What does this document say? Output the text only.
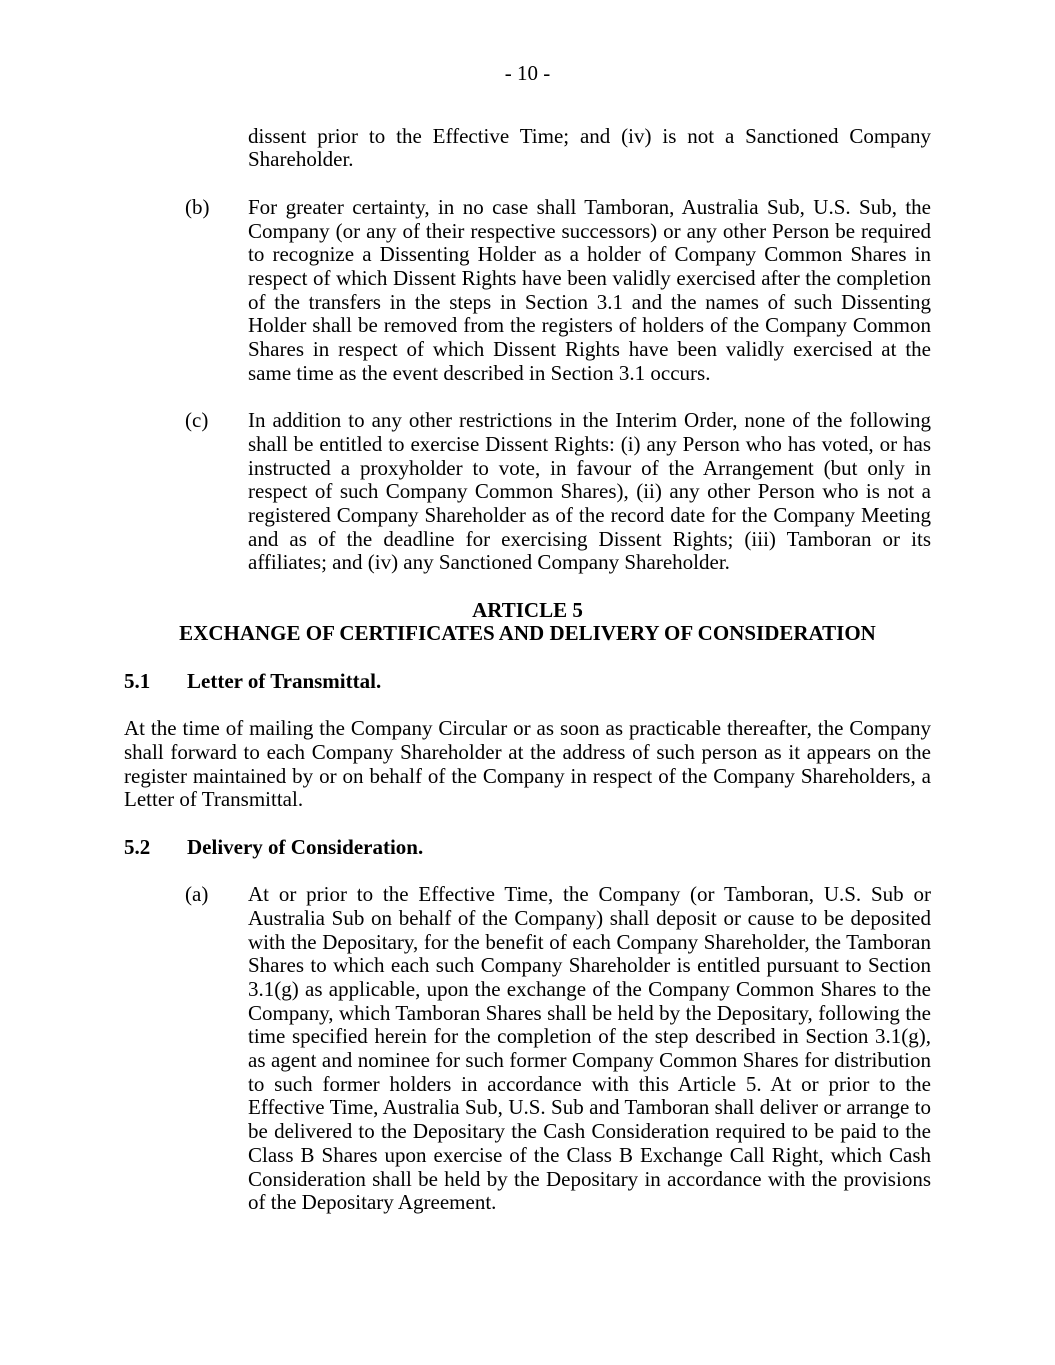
- 10 -

dissent prior to the Effective Time; and (iv) is not a Sanctioned Company Shareholder.

(b) For greater certainty, in no case shall Tamboran, Australia Sub, U.S. Sub, the Company (or any of their respective successors) or any other Person be required to recognize a Dissenting Holder as a holder of Company Common Shares in respect of which Dissent Rights have been validly exercised after the completion of the transfers in the steps in Section 3.1 and the names of such Dissenting Holder shall be removed from the registers of holders of the Company Common Shares in respect of which Dissent Rights have been validly exercised at the same time as the event described in Section 3.1 occurs.
(c) In addition to any other restrictions in the Interim Order, none of the following shall be entitled to exercise Dissent Rights: (i) any Person who has voted, or has instructed a proxyholder to vote, in favour of the Arrangement (but only in respect of such Company Common Shares), (ii) any other Person who is not a registered Company Shareholder as of the record date for the Company Meeting and as of the deadline for exercising Dissent Rights; (iii) Tamboran or its affiliates; and (iv) any Sanctioned Company Shareholder.
ARTICLE 5
EXCHANGE OF CERTIFICATES AND DELIVERY OF CONSIDERATION
5.1 Letter of Transmittal.

At the time of mailing the Company Circular or as soon as practicable thereafter, the Company shall forward to each Company Shareholder at the address of such person as it appears on the register maintained by or on behalf of the Company in respect of the Company Shareholders, a Letter of Transmittal.

5.2 Delivery of Consideration.
(a) At or prior to the Effective Time, the Company (or Tamboran, U.S. Sub or Australia Sub on behalf of the Company) shall deposit or cause to be deposited with the Depositary, for the benefit of each Company Shareholder, the Tamboran Shares to which each such Company Shareholder is entitled pursuant to Section 3.1(g) as applicable, upon the exchange of the Company Common Shares to the Company, which Tamboran Shares shall be held by the Depositary, following the time specified herein for the completion of the step described in Section 3.1(g), as agent and nominee for such former Company Common Shares for distribution to such former holders in accordance with this Article 5. At or prior to the Effective Time, Australia Sub, U.S. Sub and Tamboran shall deliver or arrange to be delivered to the Depositary the Cash Consideration required to be paid to the Class B Shares upon exercise of the Class B Exchange Call Right, which Cash Consideration shall be held by the Depositary in accordance with the provisions of the Depositary Agreement.
